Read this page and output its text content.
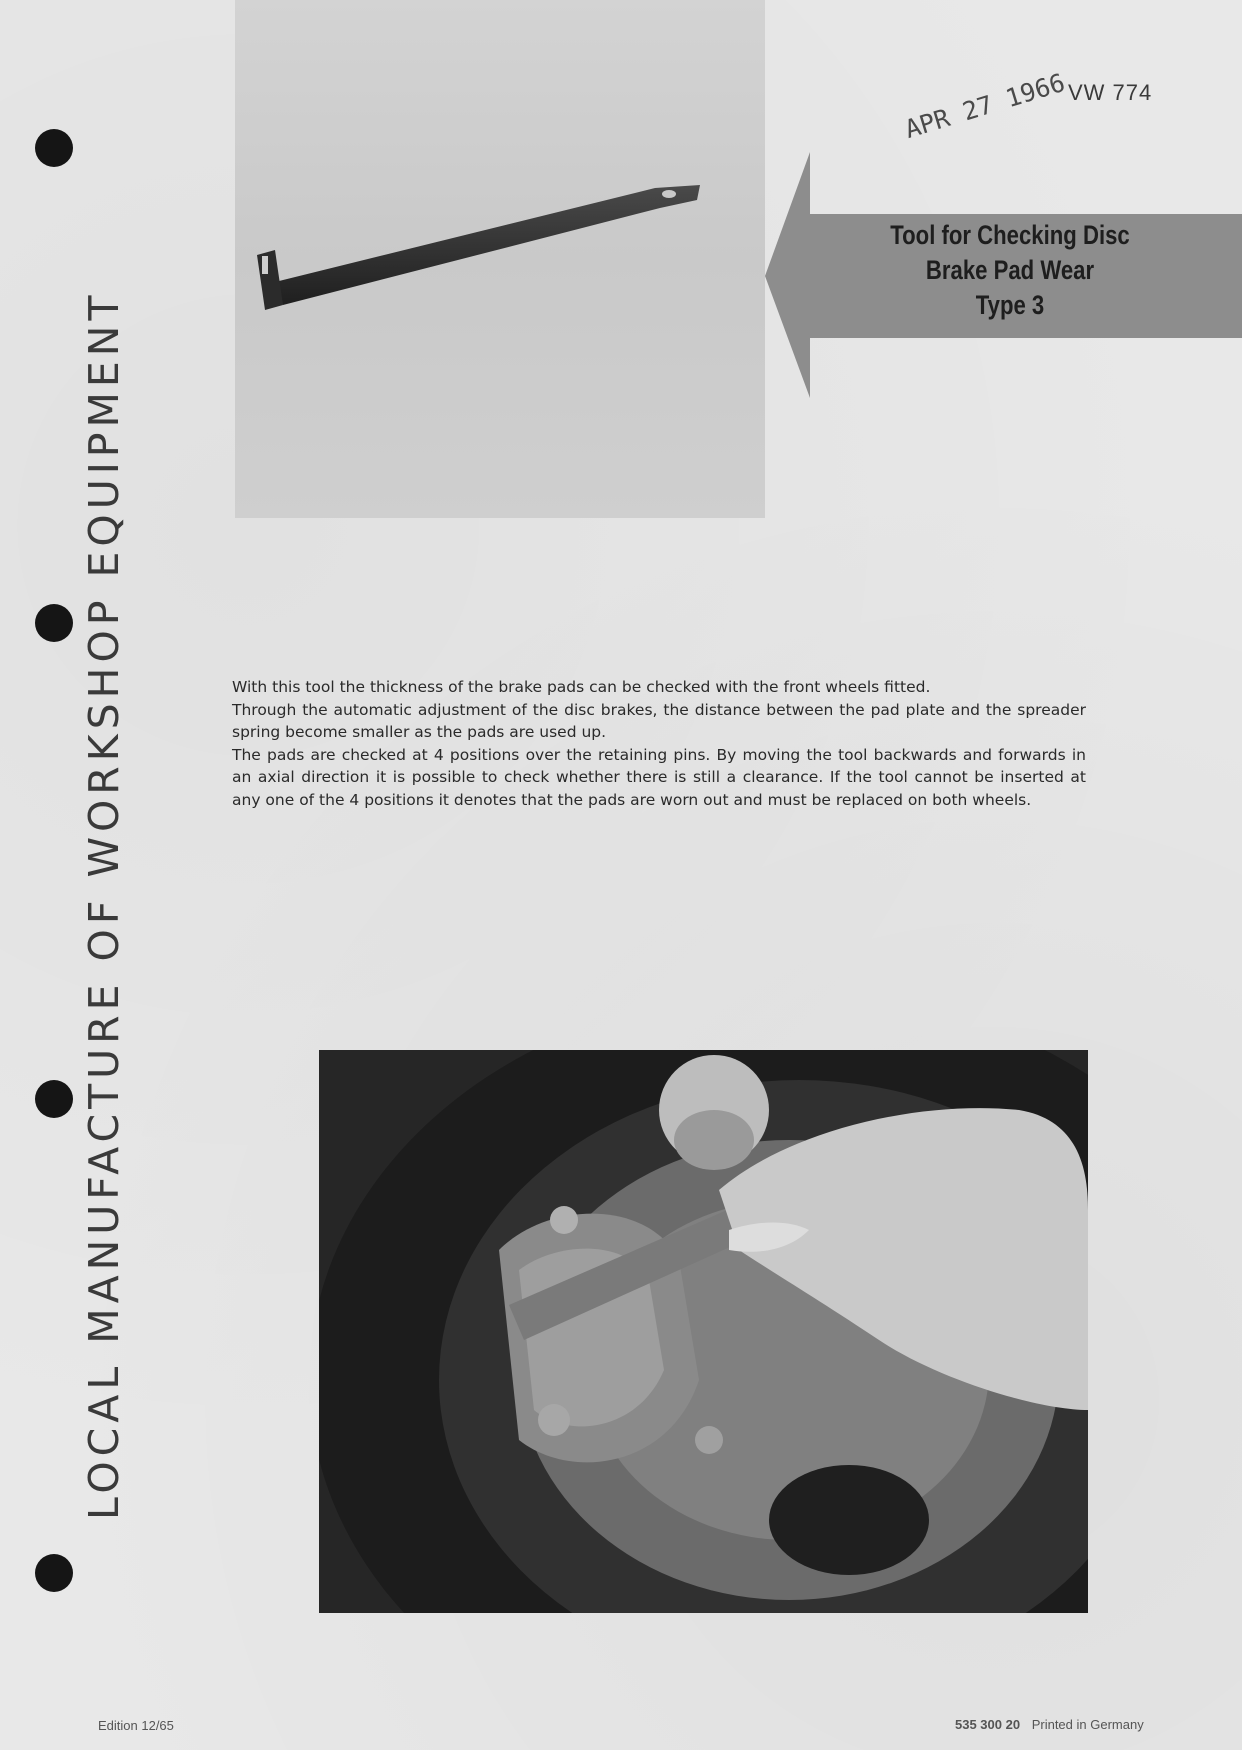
LOCAL MANUFACTURE OF WORKSHOP EQUIPMENT
APR 27 1966 VW 774
Tool for Checking Disc
Brake Pad Wear
Type 3

With this tool the thickness of the brake pads can be checked with the front wheels fitted.

Through the automatic adjustment of the disc brakes, the distance between the pad plate and the spreader spring become smaller as the pads are used up.

The pads are checked at 4 positions over the retaining pins. By moving the tool backwards and forwards in an axial direction it is possible to check whether there is still a clearance. If the tool cannot be inserted at any one of the 4 positions it denotes that the pads are worn out and must be replaced on both wheels.

Edition 12/65	535 300 20 Printed in Germany
